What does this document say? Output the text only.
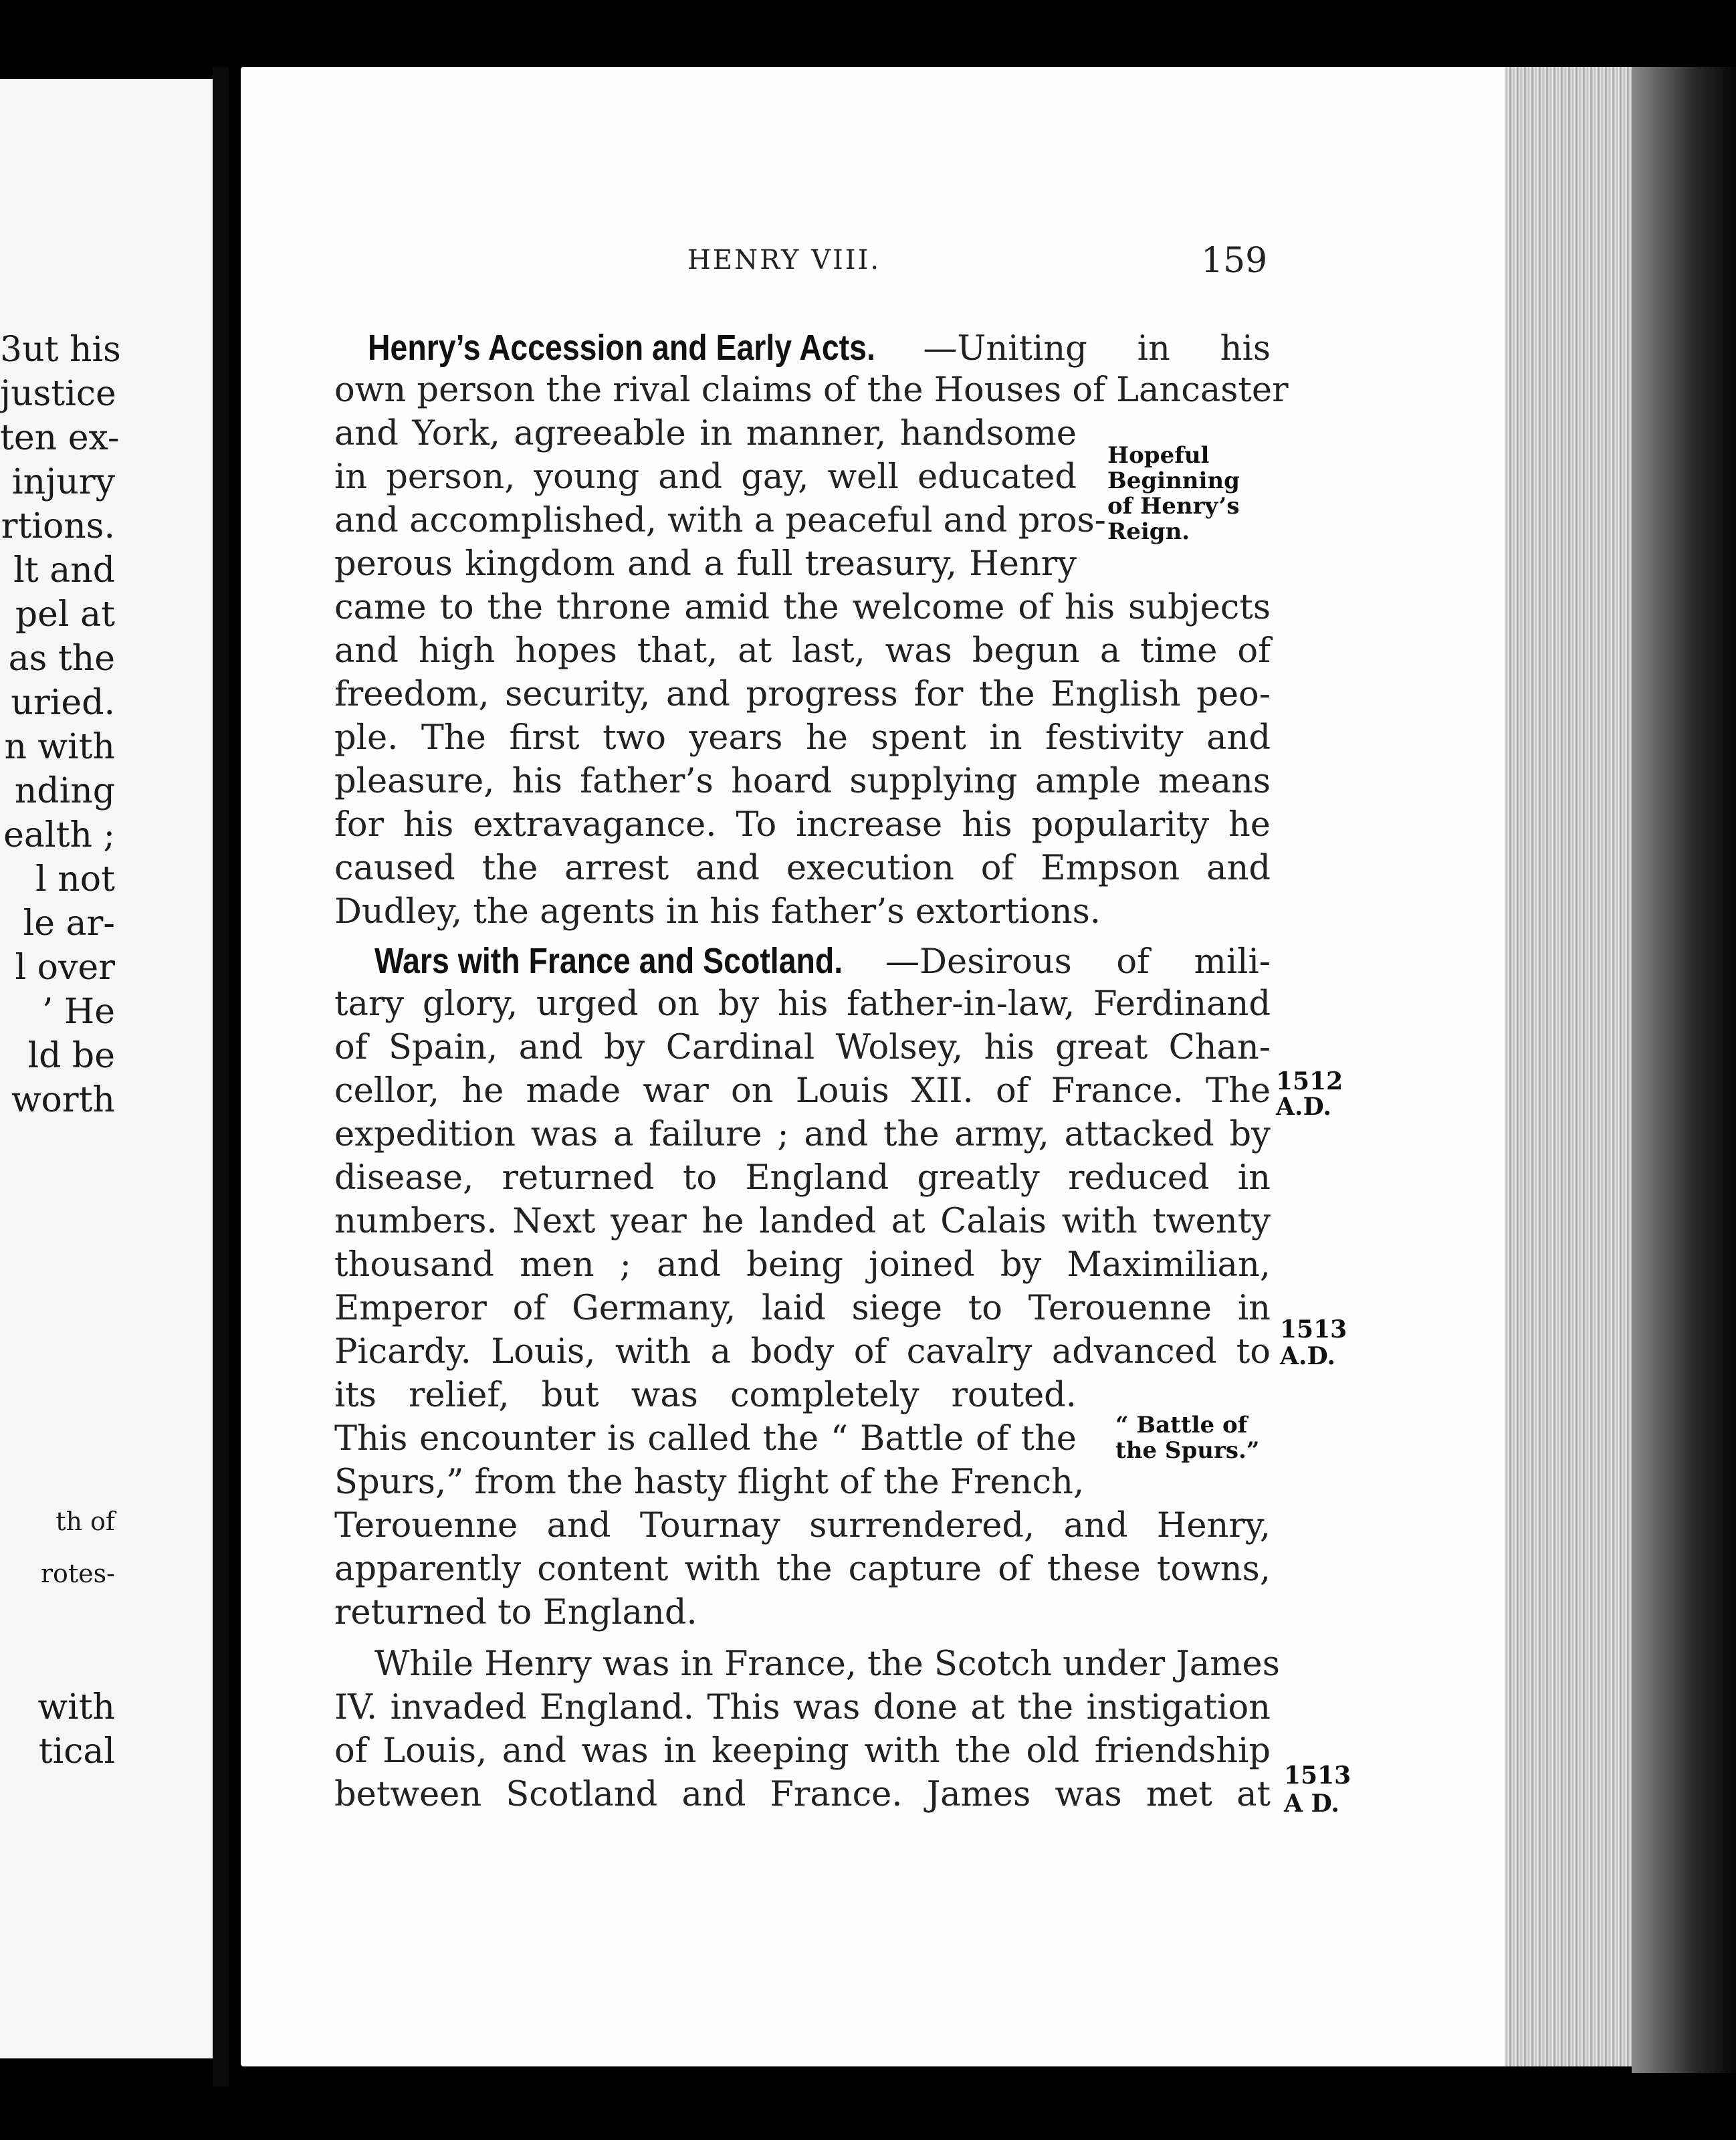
3ut his
justice
ten ex-
injury
rtions.
lt and
pel at
as the
uried.
n with
nding
ealth ;
l not
le ar-
l over
’ He
ld be
worth
th of
rotes-
with
tical
HENRY VIII.	159
Henry’s Accession and Early Acts. —Uniting in his
own person the rival claims of the Houses of Lancaster
and York, agreeable in manner, handsome
in person, young and gay, well educated
and accomplished, with a peaceful and pros-
perous kingdom and a full treasury, Henry
came to the throne amid the welcome of his subjects
and high hopes that, at last, was begun a time of
freedom, security, and progress for the English peo-
ple. The first two years he spent in festivity and
pleasure, his father’s hoard supplying ample means
for his extravagance. To increase his popularity he
caused the arrest and execution of Empson and
Dudley, the agents in his father’s extortions.
Wars with France and Scotland. —Desirous of mili-
tary glory, urged on by his father-in-law, Ferdinand
of Spain, and by Cardinal Wolsey, his great Chan-
cellor, he made war on Louis XII. of France. The
expedition was a failure ; and the army, attacked by
disease, returned to England greatly reduced in
numbers. Next year he landed at Calais with twenty
thousand men ; and being joined by Maximilian,
Emperor of Germany, laid siege to Terouenne in
Picardy. Louis, with a body of cavalry advanced to
its relief, but was completely routed.
This encounter is called the “ Battle of the
Spurs,” from the hasty flight of the French,
Terouenne and Tournay surrendered, and Henry,
apparently content with the capture of these towns,
returned to England.
While Henry was in France, the Scotch under James
IV. invaded England. This was done at the instigation
of Louis, and was in keeping with the old friendship
between Scotland and France. James was met at
Hopeful
Beginning
of Henry’s
Reign.
1512
A.D.
1513
A.D.
“ Battle of
the Spurs.”
1513
A D.
